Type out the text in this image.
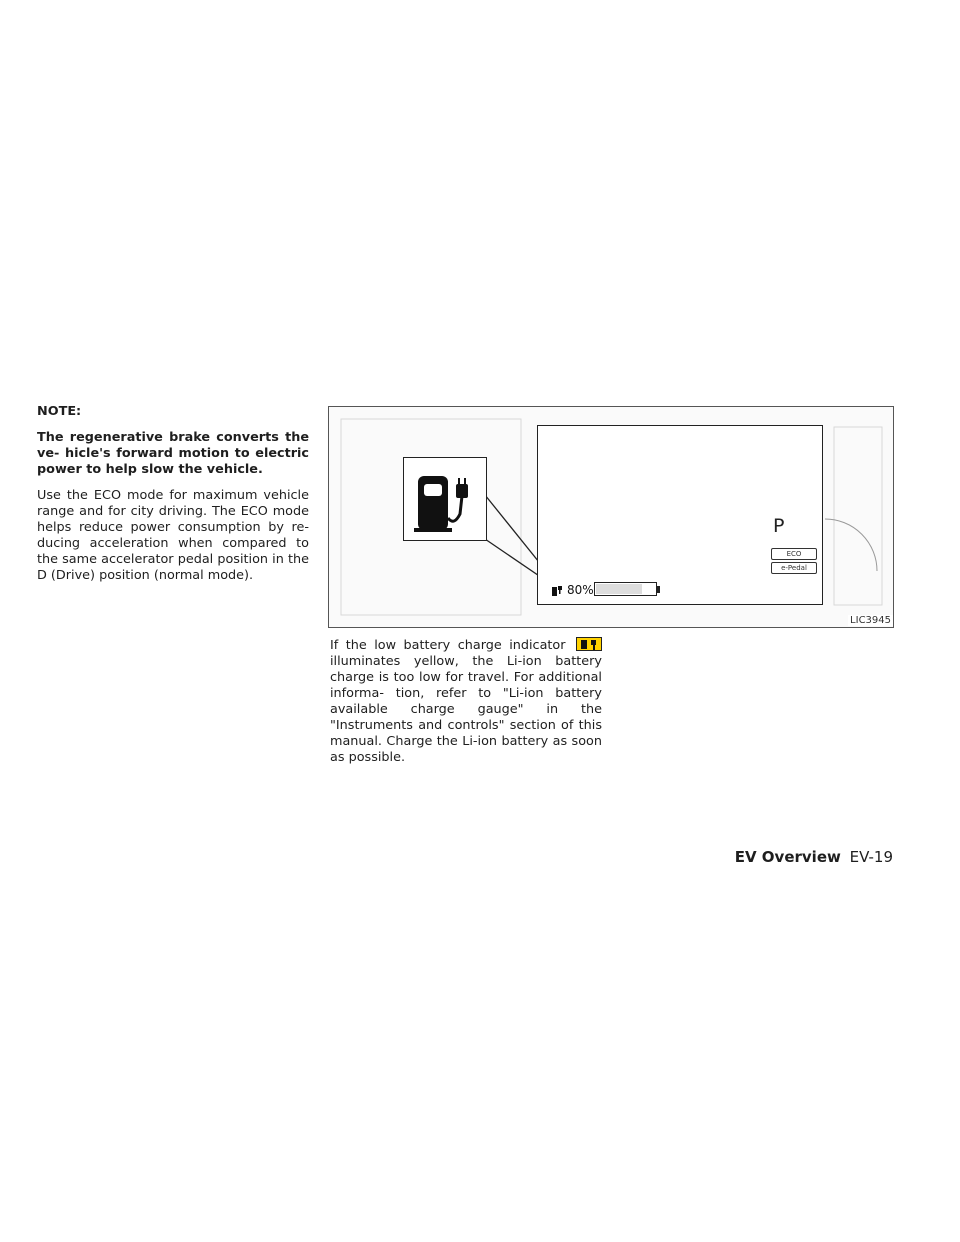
NOTE:

The regenerative brake converts the ve- hicle's forward motion to electric power to help slow the vehicle.

Use the ECO mode for maximum vehicle range and for city driving. The ECO mode helps reduce power consumption by re- ducing acceleration when compared to the same accelerator pedal position in the D (Drive) position (normal mode).

80%
P
ECO
e-Pedal
LIC3945
If the low battery charge indicator
illuminates yellow, the Li-ion battery charge is too low for travel. For additional informa- tion, refer to "Li-ion battery available charge gauge" in the "Instruments and controls" section of this manual. Charge the Li-ion battery as soon as possible.
EV Overview EV-19
